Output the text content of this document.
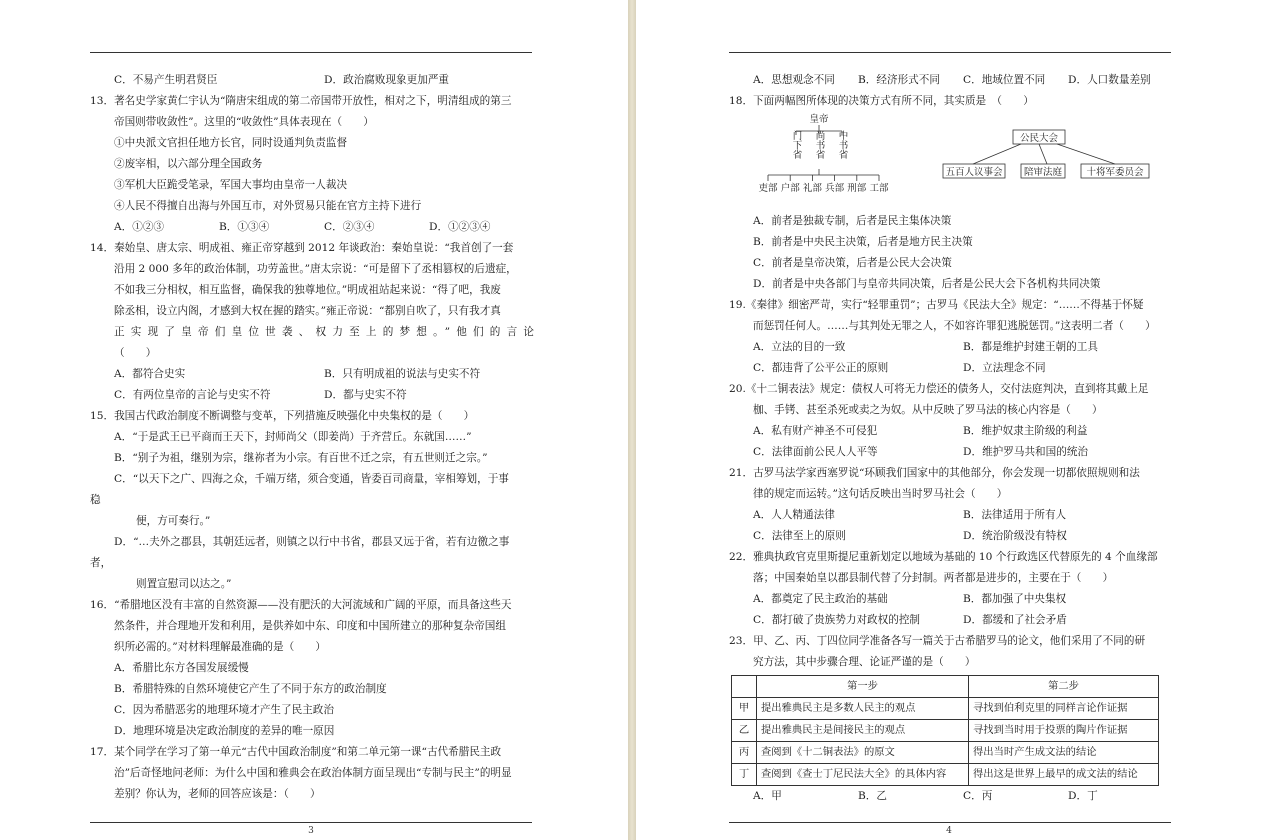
C．不易产生明君贤臣	D．政治腐败现象更加严重
13．著名史学家黄仁宇认为“隋唐宋组成的第二帝国带开放性，相对之下，明清组成的第三
帝国则带收敛性”。这里的“收敛性”具体表现在（　　）
①中央派文官担任地方长官，同时设通判负责监督
②废宰相，以六部分理全国政务
③军机大臣跪受笔录，军国大事均由皇帝一人裁决
④人民不得擅自出海与外国互市，对外贸易只能在官方主持下进行
A．①②③	B．①③④	C．②③④	D．①②③④
14．秦始皇、唐太宗、明成祖、雍正帝穿越到 2012 年谈政治：秦始皇说：“我首创了一套
沿用 2 000 多年的政治体制，功劳盖世。”唐太宗说：“可是留下了丞相篡权的后遗症，
不如我三分相权，相互监督，确保我的独尊地位。”明成祖站起来说：“得了吧，我废
除丞相，设立内阁，才感到大权在握的踏实。”雍正帝说：“都别自吹了，只有我才真
正实现了皇帝们皇位世袭、权力至上的梦想。”他们的言论
（　　）
A．都符合史实	B．只有明成祖的说法与史实不符
C．有两位皇帝的言论与史实不符	D．都与史实不符
15．我国古代政治制度不断调整与变革，下列措施反映强化中央集权的是（　　）
A．“于是武王已平商而王天下，封师尚父（即姜尚）于齐营丘。东就国……”
B．“别子为祖，继别为宗，继祢者为小宗。有百世不迁之宗，有五世则迁之宗。”
C．“以天下之广、四海之众，千端万绪，须合变通，皆委百司商量，宰相筹划，于事
稳
便，方可奏行。”
D．“…夫外之郡县，其朝廷远者，则镇之以行中书省，郡县又远于省，若有边徼之事
者，
则置宣慰司以达之。”
16．“希腊地区没有丰富的自然资源——没有肥沃的大河流域和广阔的平原，而具备这些天
然条件，并合理地开发和利用，是供养如中东、印度和中国所建立的那种复杂帝国组
织所必需的。”对材料理解最准确的是（　　）
A．希腊比东方各国发展缓慢
B．希腊特殊的自然环境使它产生了不同于东方的政治制度
C．因为希腊恶劣的地理环境才产生了民主政治
D．地理环境是决定政治制度的差异的唯一原因
17．某个同学在学习了第一单元“古代中国政治制度”和第二单元第一课“古代希腊民主政
治”后奇怪地问老师：为什么中国和雅典会在政治体制方面呈现出“专制与民主”的明显
差别？你认为，老师的回答应该是：（　　）
3
A．思想观念不同	B．经济形式不同	C．地域位置不同	D．人口数量差别
18．下面两幅图所体现的决策方式有所不同，其实质是　（　　）
皇帝
门下省 尚书省 中书省
吏部 户部 礼部 兵部 刑部 工部
公民大会
五百人议事会 陪审法庭	十将军委员会
A．前者是独裁专制，后者是民主集体决策
B．前者是中央民主决策，后者是地方民主决策
C．前者是皇帝决策，后者是公民大会决策
D．前者是中央各部门与皇帝共同决策，后者是公民大会下各机构共同决策
19.《秦律》细密严苛，实行“轻罪重罚”；古罗马《民法大全》规定：“……不得基于怀疑
而惩罚任何人。……与其判处无罪之人，不如容许罪犯逃脱惩罚。”这表明二者（　　）
A．立法的目的一致	B．都是维护封建王朝的工具
C．都违背了公平公正的原则	D．立法理念不同
20.《十二铜表法》规定：债权人可将无力偿还的债务人，交付法庭判决，直到将其戴上足
枷、手铐、甚至杀死或卖之为奴。从中反映了罗马法的核心内容是（　　）
A．私有财产神圣不可侵犯	B．维护奴隶主阶级的利益
C．法律面前公民人人平等	D．维护罗马共和国的统治
21．古罗马法学家西塞罗说“环顾我们国家中的其他部分，你会发现一切都依照规则和法
律的规定而运转。”这句话反映出当时罗马社会（　　）
A．人人精通法律	B．法律适用于所有人
C．法律至上的原则	D．统治阶级没有特权
22．雅典执政官克里斯提尼重新划定以地域为基础的 10 个行政选区代替原先的 4 个血缘部
落；中国秦始皇以郡县制代替了分封制。两者都是进步的，主要在于（　　）
A．都奠定了民主政治的基础	B．都加强了中央集权
C．都打破了贵族势力对政权的控制	D．都缓和了社会矛盾
23．甲、乙、丙、丁四位同学准备各写一篇关于古希腊罗马的论文，他们采用了不同的研
究方法，其中步骤合理、论证严谨的是（　　）
	第一步	第二步
甲	提出雅典民主是多数人民主的观点	寻找到伯利克里的同样言论作证据
乙	提出雅典民主是间接民主的观点	寻找到当时用于投票的陶片作证据
丙	查阅到《十二铜表法》的原文	得出当时产生成文法的结论
丁	查阅到《查士丁尼民法大全》的具体内容	得出这是世界上最早的成文法的结论
A．甲	B．乙	C．丙	D．丁
4
